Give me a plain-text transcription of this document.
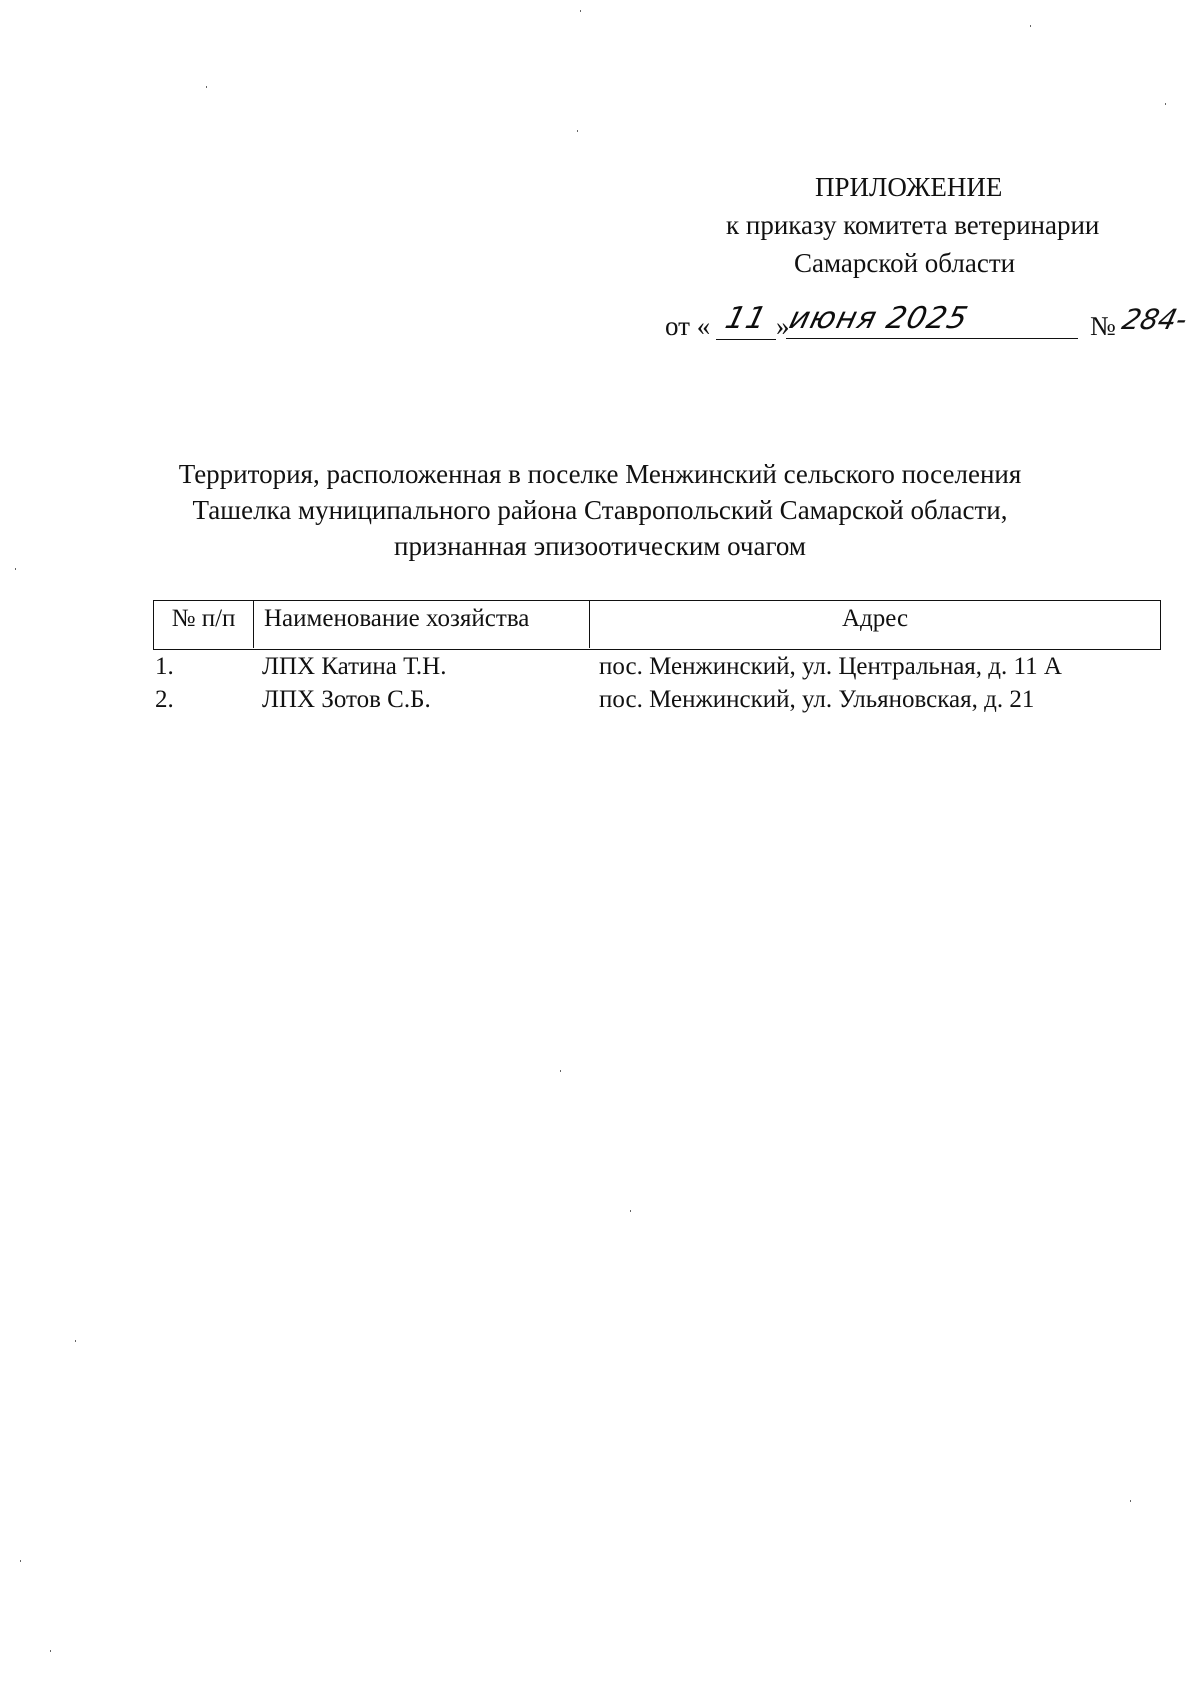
ПРИЛОЖЕНИЕ
к приказу комитета ветеринарии
Самарской области
от « 11 »
июня 2025	№ 284-
Территория, расположенная в поселке Менжинский сельского поселения
Ташелка муниципального района Ставропольский Самарской области,
признанная эпизоотическим очагом
№ п/п	Наименование хозяйства	Адрес
1.	ЛПХ Катина Т.Н.	пос. Менжинский, ул. Центральная, д. 11 А
2.	ЛПХ Зотов С.Б.	пос. Менжинский, ул. Ульяновская, д. 21
